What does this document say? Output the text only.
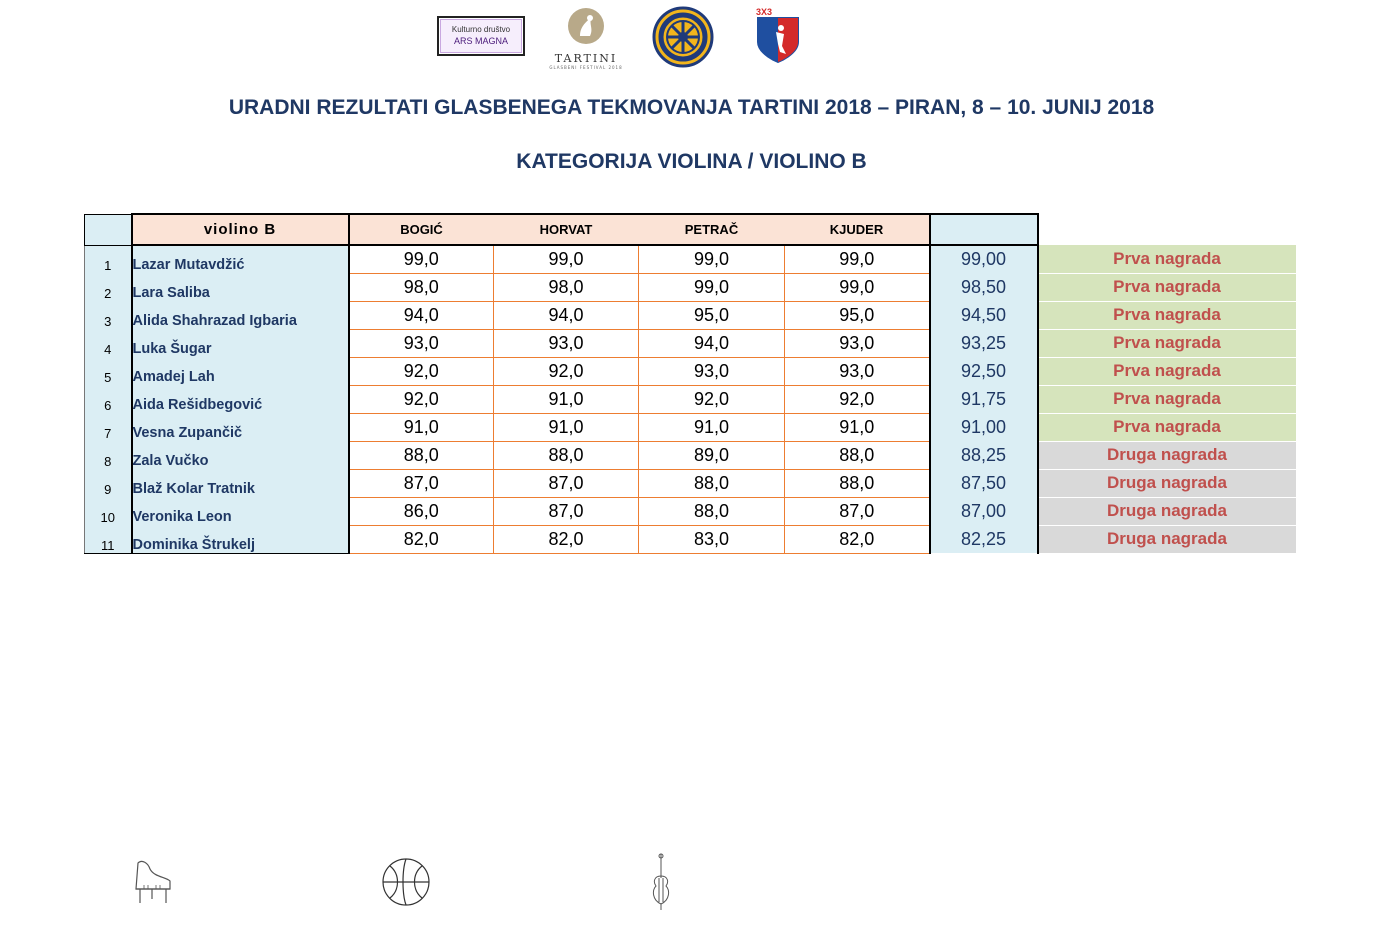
Kulturno društvo
ARS MAGNA
TARTINI
GLASBENI FESTIVAL 2018
3X3
URADNI REZULTATI GLASBENEGA TEKMOVANJA TARTINI 2018 – PIRAN, 8 – 10. JUNIJ 2018
KATEGORIJA VIOLINA / VIOLINO B
	violino B	BOGIĆ	HORVAT	PETRAČ	KJUDER		
1	Lazar Mutavdžić	99,0	99,0	99,0	99,0	99,00	Prva nagrada
2	Lara Saliba	98,0	98,0	99,0	99,0	98,50	Prva nagrada
3	Alida Shahrazad Igbaria	94,0	94,0	95,0	95,0	94,50	Prva nagrada
4	Luka Šugar	93,0	93,0	94,0	93,0	93,25	Prva nagrada
5	Amadej Lah	92,0	92,0	93,0	93,0	92,50	Prva nagrada
6	Aida Rešidbegović	92,0	91,0	92,0	92,0	91,75	Prva nagrada
7	Vesna Zupančič	91,0	91,0	91,0	91,0	91,00	Prva nagrada
8	Zala Vučko	88,0	88,0	89,0	88,0	88,25	Druga nagrada
9	Blaž Kolar Tratnik	87,0	87,0	88,0	88,0	87,50	Druga nagrada
10	Veronika Leon	86,0	87,0	88,0	87,0	87,00	Druga nagrada
11	Dominika Štrukelj	82,0	82,0	83,0	82,0	82,25	Druga nagrada
